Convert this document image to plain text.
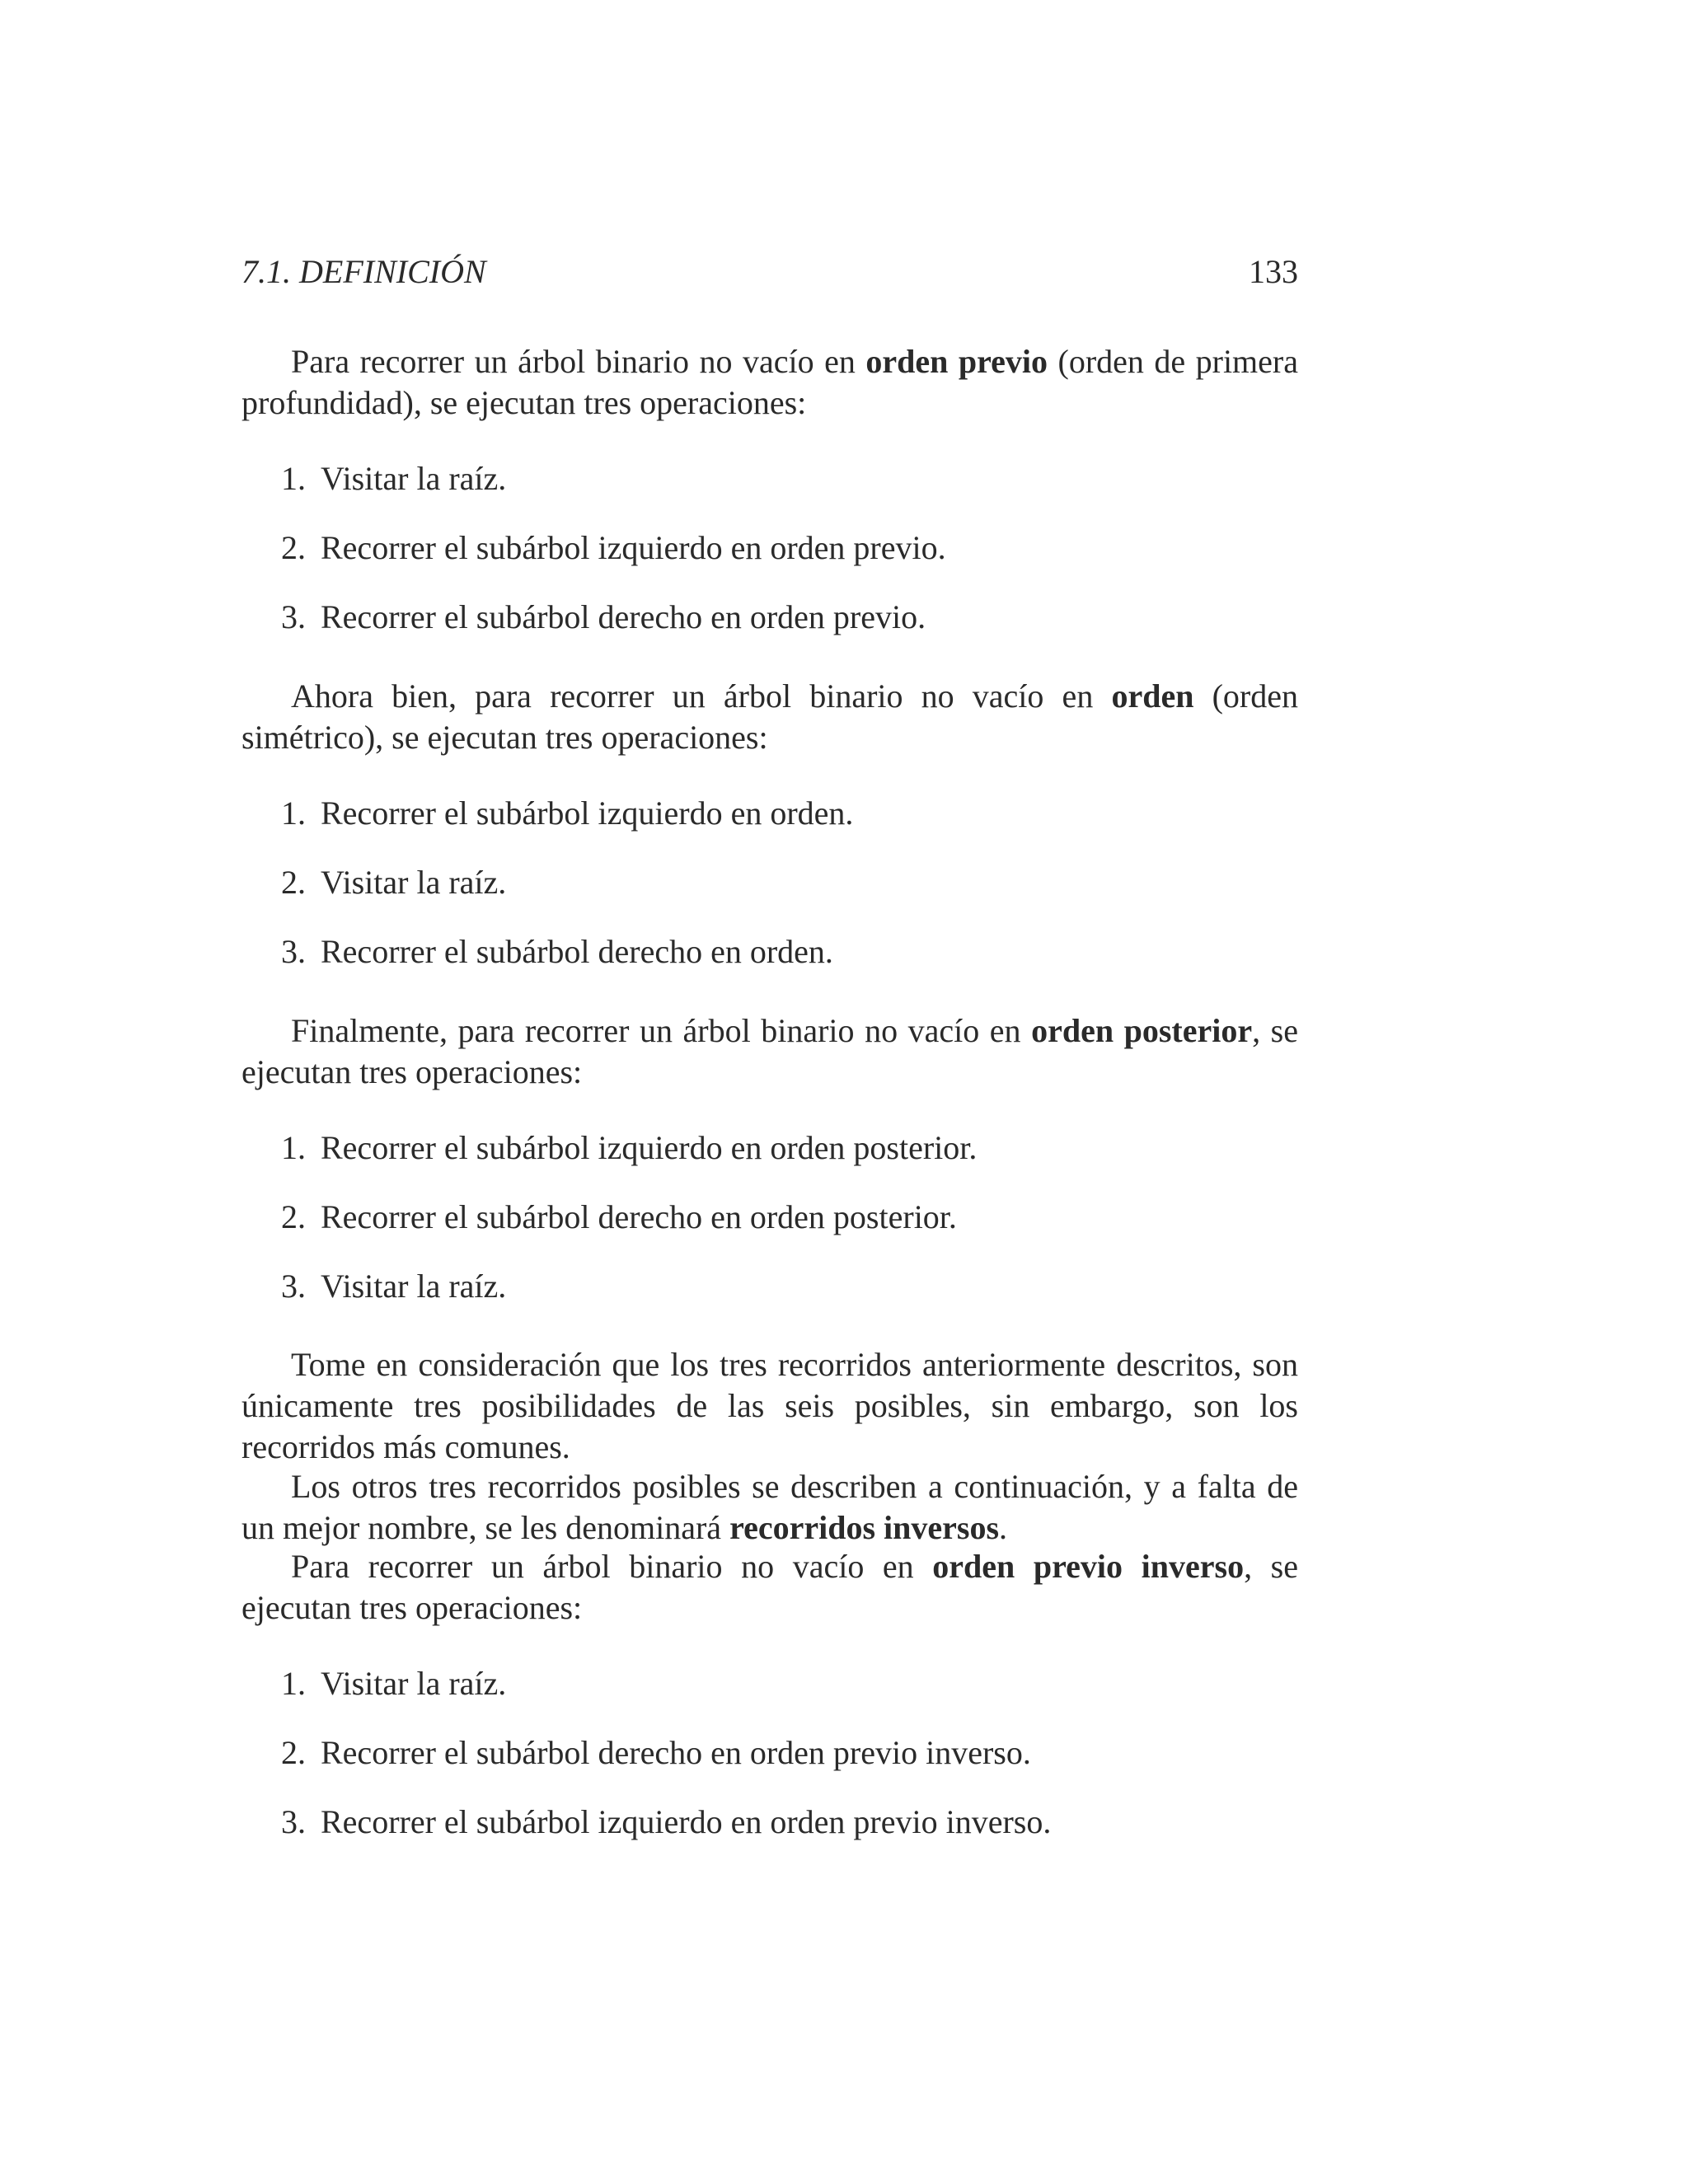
7.1. DEFINICIÓN	133

Para recorrer un árbol binario no vacío en orden previo (orden de primera profundidad), se ejecutan tres operaciones:

1. Visitar la raíz.
2. Recorrer el subárbol izquierdo en orden previo.
3. Recorrer el subárbol derecho en orden previo.

Ahora bien, para recorrer un árbol binario no vacío en orden (orden simétrico), se ejecutan tres operaciones:

1. Recorrer el subárbol izquierdo en orden.
2. Visitar la raíz.
3. Recorrer el subárbol derecho en orden.

Finalmente, para recorrer un árbol binario no vacío en orden posterior, se ejecutan tres operaciones:

1. Recorrer el subárbol izquierdo en orden posterior.
2. Recorrer el subárbol derecho en orden posterior.
3. Visitar la raíz.

Tome en consideración que los tres recorridos anteriormente descritos, son únicamente tres posibilidades de las seis posibles, sin embargo, son los recorridos más comunes.

Los otros tres recorridos posibles se describen a continuación, y a falta de un mejor nombre, se les denominará recorridos inversos.

Para recorrer un árbol binario no vacío en orden previo inverso, se ejecutan tres operaciones:

1. Visitar la raíz.
2. Recorrer el subárbol derecho en orden previo inverso.
3. Recorrer el subárbol izquierdo en orden previo inverso.
